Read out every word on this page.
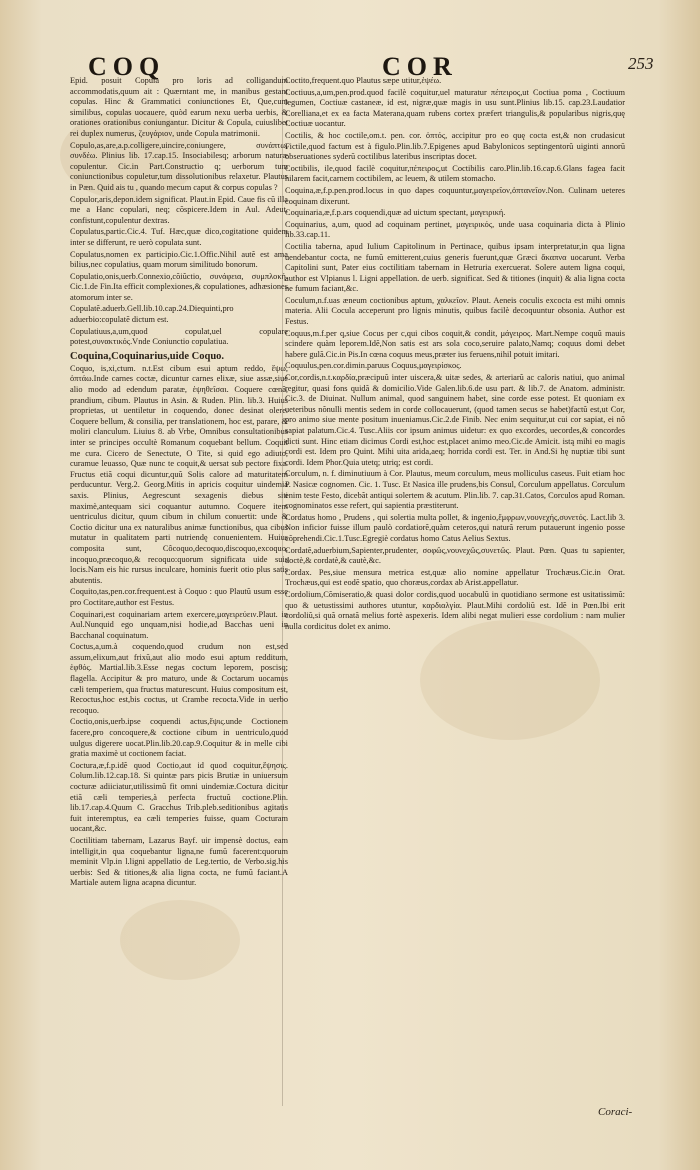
COQ	COR	253

Epid. posuit Copula pro loris ad colligandum accommodatis,quum ait : Quærntant me, in manibus gestant copulas. Hinc & Grammatici coniunctiones Et, Que,cum similibus, copulas uocauere, quòd earum nexu uerba uerbis, & orationes orationibus coniungantur. Dicitur & Copula, cuiuslibet rei duplex numerus, ζευγάριον, unde Copula matrimonii.

Copulo,as,are,a.p.colligere,uincire,coniungere, συνάπτω, συνδέω. Plinius lib. 17.cap.15. Insociabilesq; arborum naturæ copulentur. Cic.in Part.Constructio q; uerborum tum coniunctionibus copuletur,tum dissolutionibus relaxetur. Plautus in Pæn. Quid ais tu , quando mecum caput & corpus copulas ?

Copulor,aris,depon.idem significat. Plaut.in Epid. Caue fis cũ illa me a Hanc copulari, neq; cõspicere.Idem in Aul. Adeut, confistunt,copulentur dextras.

Copulatus,partic.Cic.4. Tuf. Hæc,quæ dico,cogitatione quidem inter se differunt, re uerò copulata sunt.

Copulatus,nomen ex participio.Cic.1.Offic.Nihil autẽ est ama bilius,nec copulatius, quam morum similitudo bonorum.

Copulatio,onis,uerb.Connexio,cõiũctio, συνάφεια, συμπλοκή. Cic.1.de Fin.Ita efficit complexiones,& copulationes, adhæsiones atomorum inter se.

Copulatẽ.aduerb.Gell.lib.10.cap.24.Diequinti,pro aduerbio:copulatẽ dictum est.

Copulatiuus,a,um,quod copulat,uel copulare potest,συνακτικός.Vnde Coniunctio copulatiua.

Coquina,Coquinarius,uide Coquo.

Coquo, is,xi,ctum. n.t.Est cibum esui aptum reddo, ἕψω, ὀπτάω.Inde carnes coctæ, dicuntur carnes elixæ, siue assæ,siue alio modo ad edendum paratæ, ἑψηθεῖσαι. Coquere cœnã, prandium, cibum. Plautus in Asin. & Ruden. Plin. lib.3. Huius proprietas, ut uentiletur in coquendo, donec desinat olere. Coquere bellum, & consilia, per translationem, hoc est, parare, & moliri clanculum. Liuius 8. ab Vrbe, Omnibus consultationibus inter se principes occultè Romanum coquebant bellum. Coquit me cura. Cicero de Senectute, O Tite, si quid ego adiuto, curamue leuasso, Quæ nunc te coquit,& uersat sub pectore fixa. Fructus etiã coqui dicuntur,quũ Solis calore ad maturitatem perducuntur. Verg.2. Georg.Mitis in apricis coquitur uindemia saxis. Plinius, Aegrescunt sexagenis diebus siti maximè,antequam sici coquantur autumno. Coquere item uentriculus dicitur, quum cibum in chilum conuertit: unde & Coctio dicitur una ex naturalibus animæ functionibus, qua cibus mutatur in qualitatem parti nutriendę conuenientem. Huius composita sunt, Côcoquo,decoquo,discoquo,excoquo, incoquo,præcoquo,& recoquo:quorum significata uide suis locis.Nam eis hic rursus inculcare, hominis fuerit otio plus satis abutentis.

Coquito,tas,pen.cor.frequent.est à Coquo : quo Plautũ usum esse pro Coctitare,author est Festus.

Coquinari,est coquinariam artem exercere,μαγειρεύειν.Plaut. in Aul.Nunquid ego unquam,nisi hodie,ad Bacchas ueni in Bacchanal coquinatum.

Coctus,a,um.à coquendo,quod crudum non est,sed assum,elixum,aut frixũ,aut alio modo esui aptum redditum, ἑφθός. Martial.lib.3.Esse negas coctum leporem, poscisq; flagella. Accipitur & pro maturo, unde & Coctarum uocamus cæli temperiem, qua fructus maturescunt. Huius compositum est, Recoctus,hoc est,bis coctus, ut Crambe recocta.Vide in uerbo recoquo.

Coctio,onis,uerb.ipse coquendi actus,ἕψις.unde Coctionem facere,pro concoquere,& coctione cibum in uentriculo,quod uulgus digerere uocat.Plin.lib.20.cap.9.Coquitur & in melle cibi gratia maximè ut coctionem faciat.

Coctura,æ,f.p.idẽ quod Coctio,aut id quod coquitur,ἕψησις. Colum.lib.12.cap.18. Si quintæ pars picis Brutiæ in uniuersum cocturæ adiiciatur,utilissimũ fit omni uindemiæ.Coctura dicitur etiã cæli temperies,à perfecta fructuũ coctione.Plin. lib.17.cap.4.Quum C. Gracchus Trib.pleb.seditionibus agitatis fuit interemptus, ea cæli temperies fuisse, quam Cocturam uocant,&c.

Coctilitiam tabernam, Lazarus Bayf. uir impensè doctus, eam intelligit,in qua coquebantur ligna,ne fumũ facerent:quorum meminit Vlp.in l.ligni appellatio de Leg.tertio, de Verbo.sig.his uerbis: Sed & titiones,& alia ligna cocta, ne fumũ faciant.A Martiale autem ligna acapna dicuntur.

Coctito,frequent.quo Plautus sæpe utitur,ἑψέω.

Coctiuus,a,um,pen.prod.quod facilè coquitur,uel maturatur πέπειρος,ut Coctiua poma , Coctiuum legumen, Coctiuæ castaneæ, id est, nigræ,quæ magis in usu sunt.Plinius lib.15. cap.23.Laudatior Corelliana,et ex ea facta Materana,quam rubens cortex præfert triangulis,& popularibus nigris,quę Coctiuæ uocantur.

Coctilis, & hoc coctile,om.t. pen. cor. ὀπτός, accipitur pro eo quę cocta est,& non crudasicut Fictile,quod factum est à figulo.Plin.lib.7.Epigenes apud Babylonicos septingentorũ uiginti annorũ obseruationes syderũ coctilibus lateribus inscriptas docet.

Coctibilis, ile,quod facilè coquitur,πέπειρος,ut Coctibilis caro.Plin.lib.16.cap.6.Glans fagea facit hilarem facit,carnem coctibilem, ac leuem, & utilem stomacho.

Coquina,æ,f.p.pen.prod.locus in quo dapes coquuntur,μαγειρεῖον,ὀπτανεῖον.Non. Culinam ueteres coquinam dixerunt.

Coquinaria,æ,f.p.ars coquendi,quæ ad uictum spectant, μαγειρική.

Coquinarius, a,um, quod ad coquinam pertinet, μαγειρικός, unde uasa coquinaria dicta à Plinio lib.33.cap.11.

Coctilia taberna, apud Iulium Capitolinum in Pertinace, quibus ipsam interpretatur,in qua ligna uendebantur cocta, ne fumũ emitterent,cuius generis fuerunt,quæ Græci ἄκαπνα uocarunt. Verba Capitolini sunt, Pater eius coctilitiam tabernam in Hetruria exercuerat. Solere autem ligna coqui, author est Vlpianus l. Ligni appellation. de uerb. significat. Sed & titiones (inquit) & alia ligna cocta ne fumum faciant,&c.

Coculum,n.f.uas æneum coctionibus aptum, χαλκεῖον. Plaut. Aeneis coculis excocta est mihi omnis materia. Alii Cocula acceperunt pro lignis minutis, quibus facilè decoquuntur obsonia. Author est Festus.

Coquus,m.f.per q,siue Cocus per c,qui cibos coquit,& condit, μάγειρος. Mart.Nempe coquũ mauis scindere quàm leporem.Idẽ,Non satis est ars sola coco,seruire palato,Namq; coquus domi debet habere gulã.Cic.in Pis.In cœna coquus meus,præter ius feruens,nihil potuit imitari.

Coquulus,pen.cor.dimin.paruus Coquus,μαγειρίσκος.

Cor,cordis,n.t.καρδία,præcipuũ inter uiscera,& uitæ sedes, & arteriarũ ac caloris natiui, quo animal regitur, quasi fons quidã & domicilio.Vide Galen.lib.6.de usu part. & lib.7. de Anatom. administr. Cic.3. de Diuinat. Nullum animal, quod sanguinem habet, sine corde esse potest. Et quoniam ex ueteribus nõnulli mentis sedem in corde collocauerunt, (quod tamen secus se habet)factũ est,ut Cor, pro animo siue mente positum inueniamus.Cic.2.de Finib. Nec enim sequitur,ut cui cor sapiat, ei nõ sapiat palatum.Cic.4. Tusc.Aliis cor ipsum animus uidetur: ex quo excordes, uecordes,& concordes dicti sunt. Hinc etiam dicimus Cordi est,hoc est,placet animo meo.Cic.de Amicit. istą mihi eo magis cordi est. Idem pro Quint. Mihi uita arida,aeq; horrida cordi est. Ter. in And.Si hę nuptiæ tibi sunt cordi. Idem Phor.Quia utetq; utriq; est cordi.

Corculum, n. f. diminutiuum à Cor. Plautus, meum corculum, meus molliculus caseus. Fuit etiam hoc P. Nasicæ cognomen. Cic. 1. Tusc. Et Nasica ille prudens,bis Consul, Corculum appellatus. Corculum enim teste Festo, dicebãt antiqui solertem & acutum. Plin.lib. 7. cap.31.Catos, Corculos apud Roman. cognominatos esse refert, qui sapientia præstiterunt.

Cordatus homo , Prudens , qui solertia multa pollet, & ingenio,ἔμφρων,νουνεχής,συνετός. Lact.lib 3. Non inficior fuisse illum paulò cordatiorẽ,quàm ceteros,qui naturã rerum putauerunt ingenio posse cõprehendi.Cic.1.Tusc.Egregiè cordatus homo Catus Aelius Sextus.

Cordatẽ,aduerbium,Sapienter,prudenter, σοφῶς,νουνεχῶς,συνετῶς. Plaut. Pœn. Quas tu sapienter, doctè,& cordatè,& cautè,&c.

Cordax. Pes,siue mensura metrica est,quæ alio nomine appellatur Trochæus.Cic.in Orat. Trochæus,qui est eodẽ spatio, quo choræus,cordax ab Arist.appellatur.

Cordolium,Cõmiseratio,& quasi dolor cordis,quod uocabulũ in quotidiano sermone est usitatissimũ: quo & uetustissimi authores utuntur, καρδιαλγία. Plaut.Mihi cordoliũ est. Idẽ in Pœn.Ibi erit cordoliũ,si quã ornatã melius fortè aspexeris. Idem alibi negat mulieri esse cordolium : nam mulier nulla cordicitus dolet ex animo.

Coraci-
